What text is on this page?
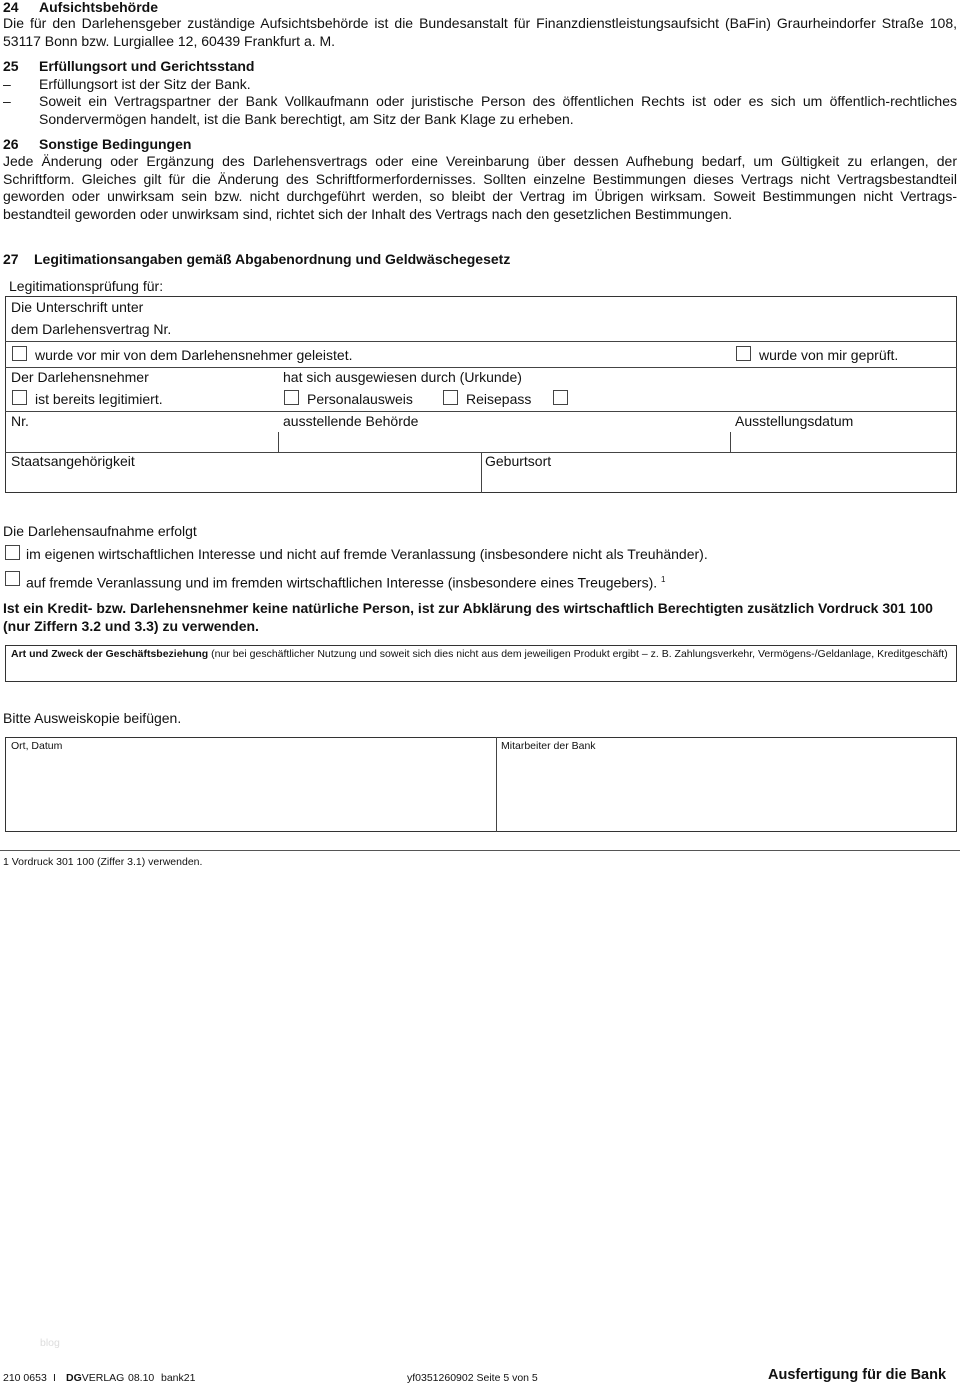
24 Aufsichtsbehörde
Die für den Darlehensgeber zuständige Aufsichtsbehörde ist die Bundesanstalt für Finanzdienstleistungsaufsicht (BaFin) Graurheindorfer Straße 108, 53117 Bonn bzw. Lurgiallee 12, 60439 Frankfurt a. M.
25 Erfüllungsort und Gerichtsstand
– Erfüllungsort ist der Sitz der Bank.
– Soweit ein Vertragspartner der Bank Vollkaufmann oder juristische Person des öffentlichen Rechts ist oder es sich um öffentlich-rechtliches Sondervermögen handelt, ist die Bank berechtigt, am Sitz der Bank Klage zu erheben.
26 Sonstige Bedingungen
Jede Änderung oder Ergänzung des Darlehensvertrags oder eine Vereinbarung über dessen Aufhebung bedarf, um Gültigkeit zu erlangen, der Schriftform. Gleiches gilt für die Änderung des Schriftformerfordernisses. Sollten einzelne Bestimmungen dieses Vertrags nicht Vertragsbestandteil geworden oder unwirksam sein bzw. nicht durchgeführt werden, so bleibt der Vertrag im Übrigen wirksam. Soweit Bestimmungen nicht Vertrags-bestandteil geworden oder unwirksam sind, richtet sich der Inhalt des Vertrags nach den gesetzlichen Bestimmungen.
27 Legitimationsangaben gemäß Abgabenordnung und Geldwäschegesetz
Legitimationsprüfung für:
Die Unterschrift unter
dem Darlehensvertrag Nr.
wurde vor mir von dem Darlehensnehmer geleistet.	wurde von mir geprüft.
Der Darlehensnehmer	hat sich ausgewiesen durch (Urkunde)
ist bereits legitimiert.	Personalausweis	Reisepass
Nr.	ausstellende Behörde	Ausstellungsdatum
Staatsangehörigkeit	Geburtsort
Die Darlehensaufnahme erfolgt
im eigenen wirtschaftlichen Interesse und nicht auf fremde Veranlassung (insbesondere nicht als Treuhänder).
auf fremde Veranlassung und im fremden wirtschaftlichen Interesse (insbesondere eines Treugebers). $^1$
Ist ein Kredit- bzw. Darlehensnehmer keine natürliche Person, ist zur Abklärung des wirtschaftlich Berechtigten zusätzlich Vordruck 301 100 (nur Ziffern 3.2 und 3.3) zu verwenden.
Art und Zweck der Geschäftsbeziehung (nur bei geschäftlicher Nutzung und soweit sich dies nicht aus dem jeweiligen Produkt ergibt – z. B. Zahlungsverkehr, Vermögens-/Geldanlage, Kreditgeschäft)
Bitte Ausweiskopie beifügen.
Ort, Datum	Mitarbeiter der Bank
1 Vordruck 301 100 (Ziffer 3.1) verwenden.
blog
210 0653 I DGVERLAG 08.10 bank21	yf0351260902 Seite 5 von 5	Ausfertigung für die Bank
